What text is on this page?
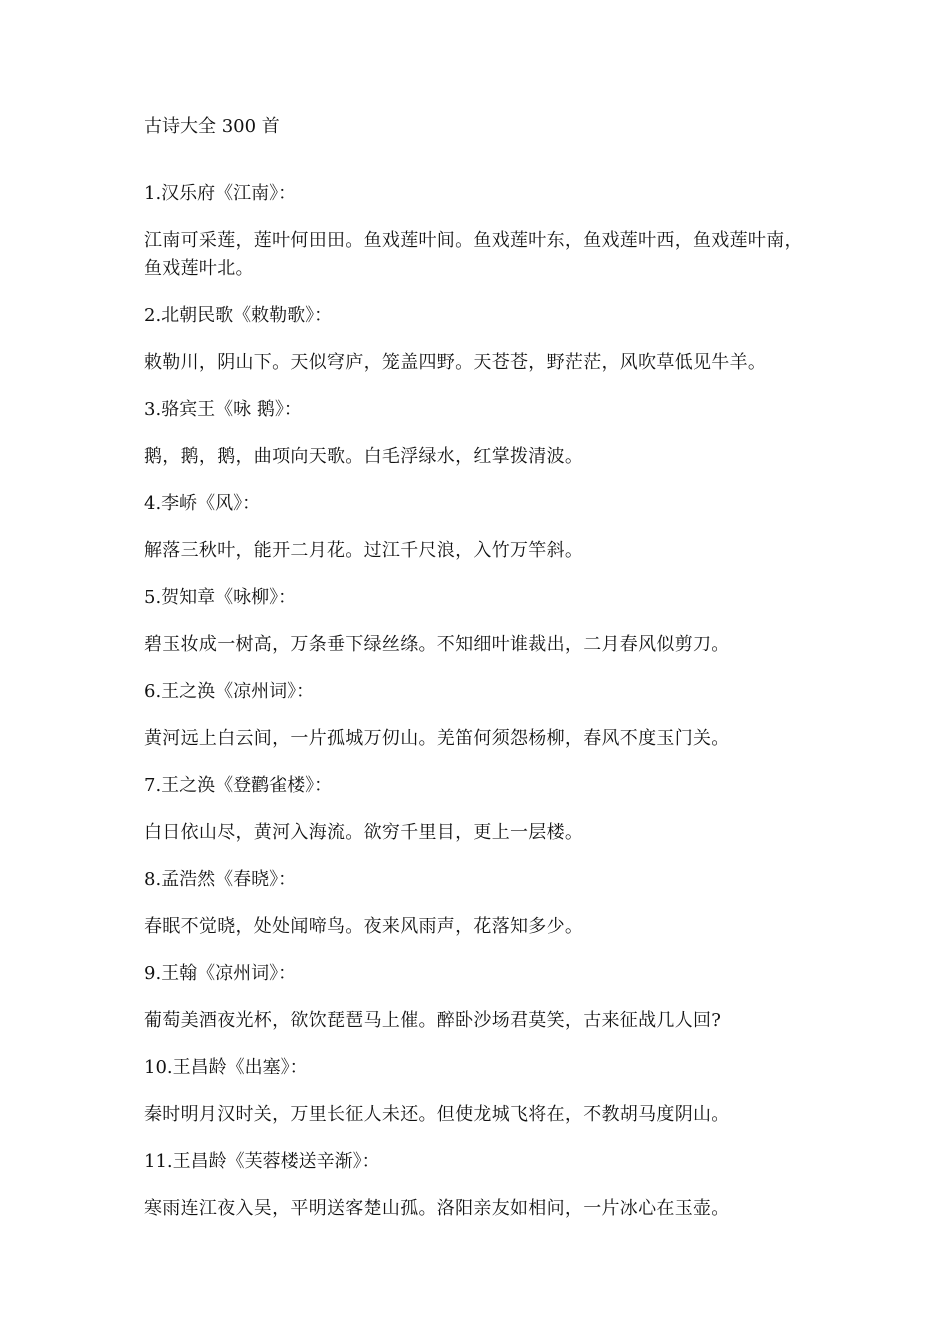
古诗大全 300 首

1.汉乐府《江南》：

江南可采莲，莲叶何田田。鱼戏莲叶间。鱼戏莲叶东，鱼戏莲叶西，鱼戏莲叶南，鱼戏莲叶北。

2.北朝民歌《敕勒歌》：

敕勒川，阴山下。天似穹庐，笼盖四野。天苍苍，野茫茫，风吹草低见牛羊。

3.骆宾王《咏 鹅》：

鹅，鹅，鹅，曲项向天歌。白毛浮绿水，红掌拨清波。

4.李峤《风》：

解落三秋叶，能开二月花。过江千尺浪，入竹万竿斜。

5.贺知章《咏柳》：

碧玉妆成一树高，万条垂下绿丝绦。不知细叶谁裁出，二月春风似剪刀。

6.王之涣《凉州词》：

黄河远上白云间，一片孤城万仞山。羌笛何须怨杨柳，春风不度玉门关。

7.王之涣《登鹳雀楼》：

白日依山尽，黄河入海流。欲穷千里目，更上一层楼。

8.孟浩然《春晓》：

春眠不觉晓，处处闻啼鸟。夜来风雨声，花落知多少。

9.王翰《凉州词》：

葡萄美酒夜光杯，欲饮琵琶马上催。醉卧沙场君莫笑，古来征战几人回?

10.王昌龄《出塞》：

秦时明月汉时关，万里长征人未还。但使龙城飞将在，不教胡马度阴山。

11.王昌龄《芙蓉楼送辛渐》：

寒雨连江夜入吴，平明送客楚山孤。洛阳亲友如相问，一片冰心在玉壶。
